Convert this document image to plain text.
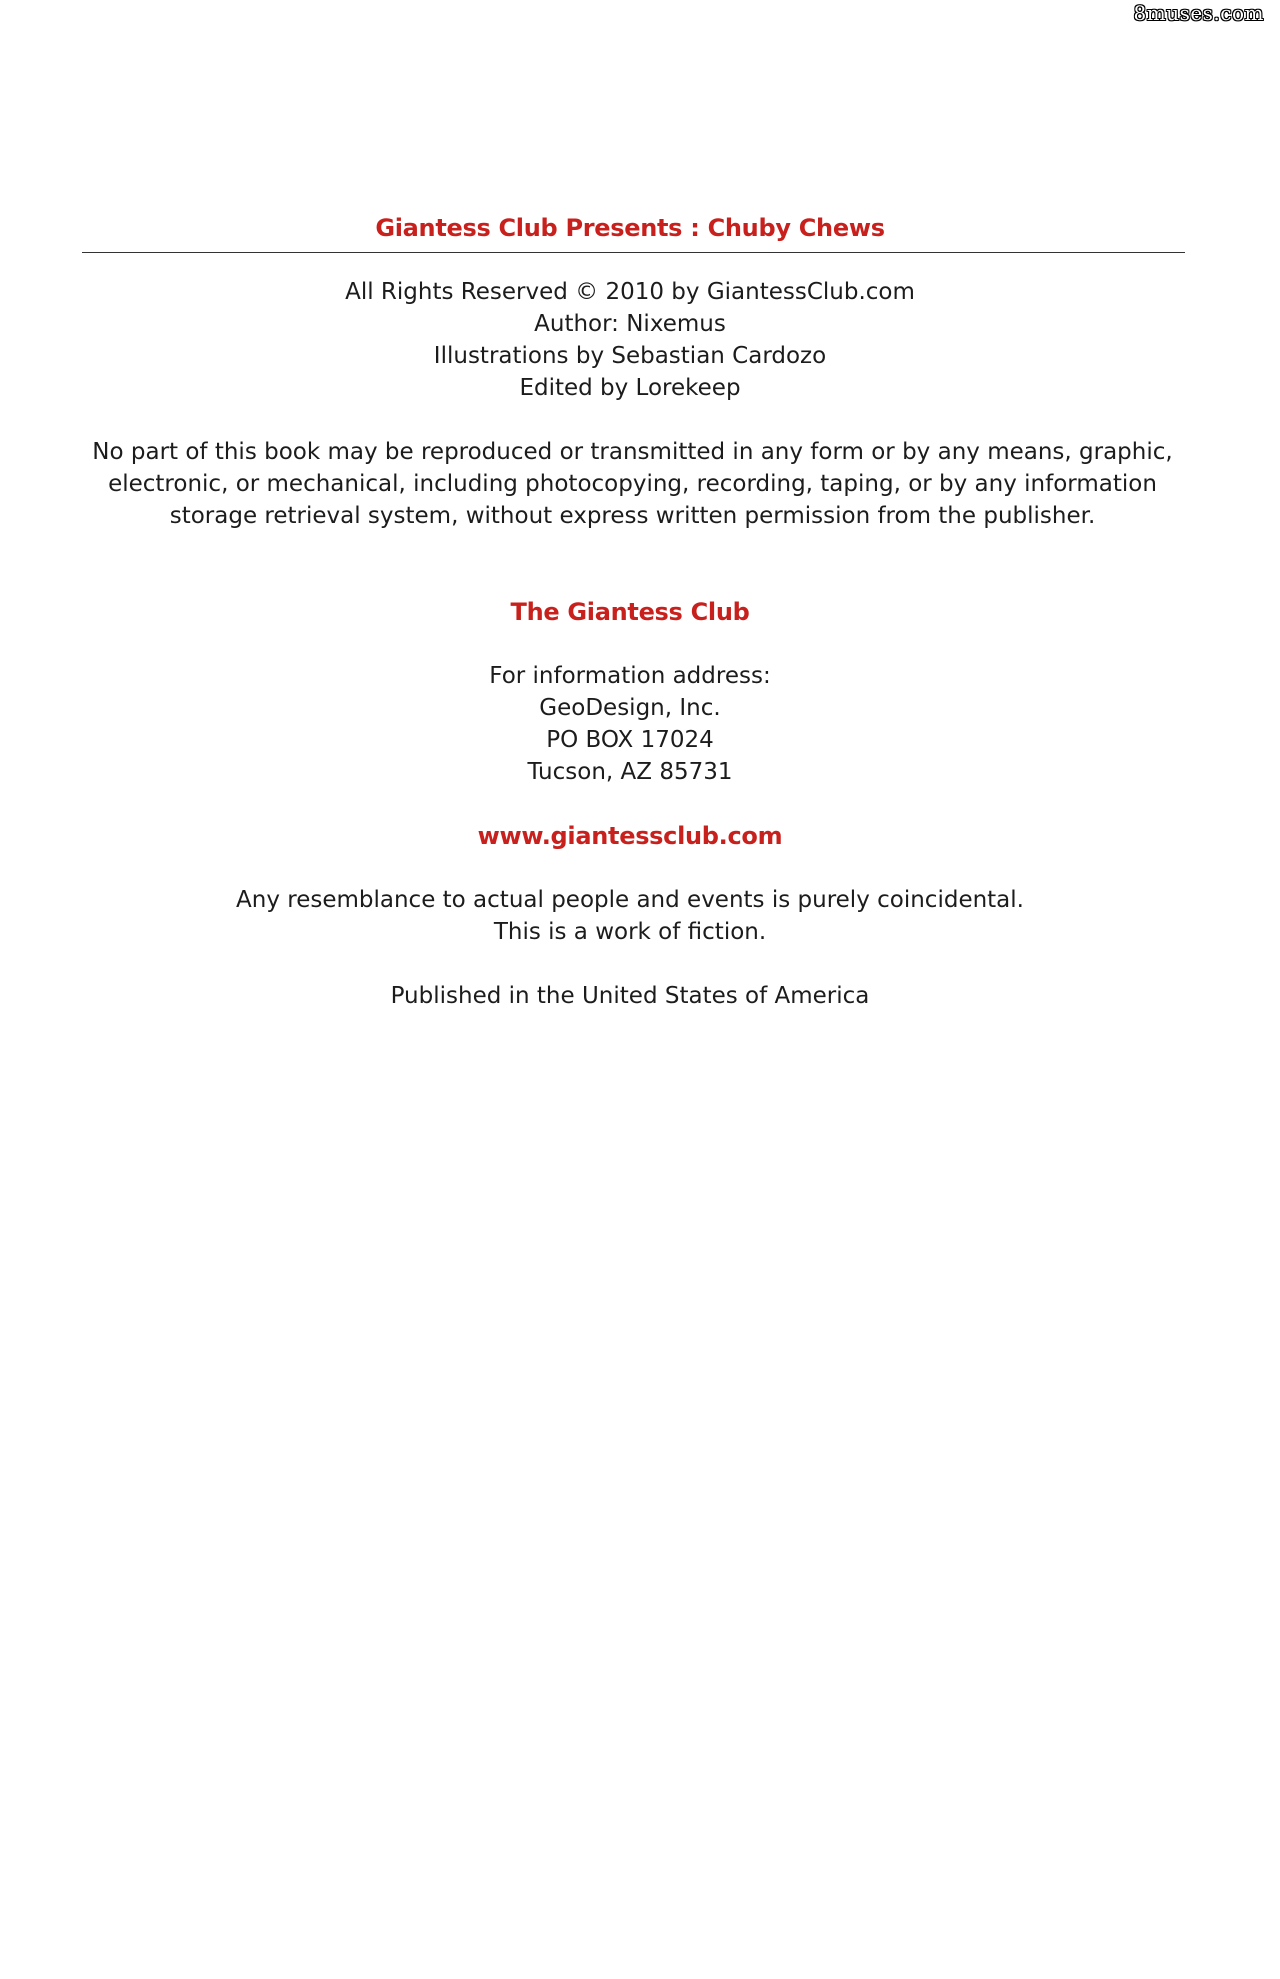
8muses.com
Giantess Club Presents : Chuby Chews
All Rights Reserved © 2010 by GiantessClub.com
Author: Nixemus
Illustrations by Sebastian Cardozo
Edited by Lorekeep
No part of this book may be reproduced or transmitted in any form or by any means, graphic,
electronic, or mechanical, including photocopying, recording, taping, or by any information
storage retrieval system, without express written permission from the publisher.
The Giantess Club
For information address:
GeoDesign, Inc.
PO BOX 17024
Tucson, AZ 85731
www.giantessclub.com
Any resemblance to actual people and events is purely coincidental.
This is a work of fiction.
Published in the United States of America
